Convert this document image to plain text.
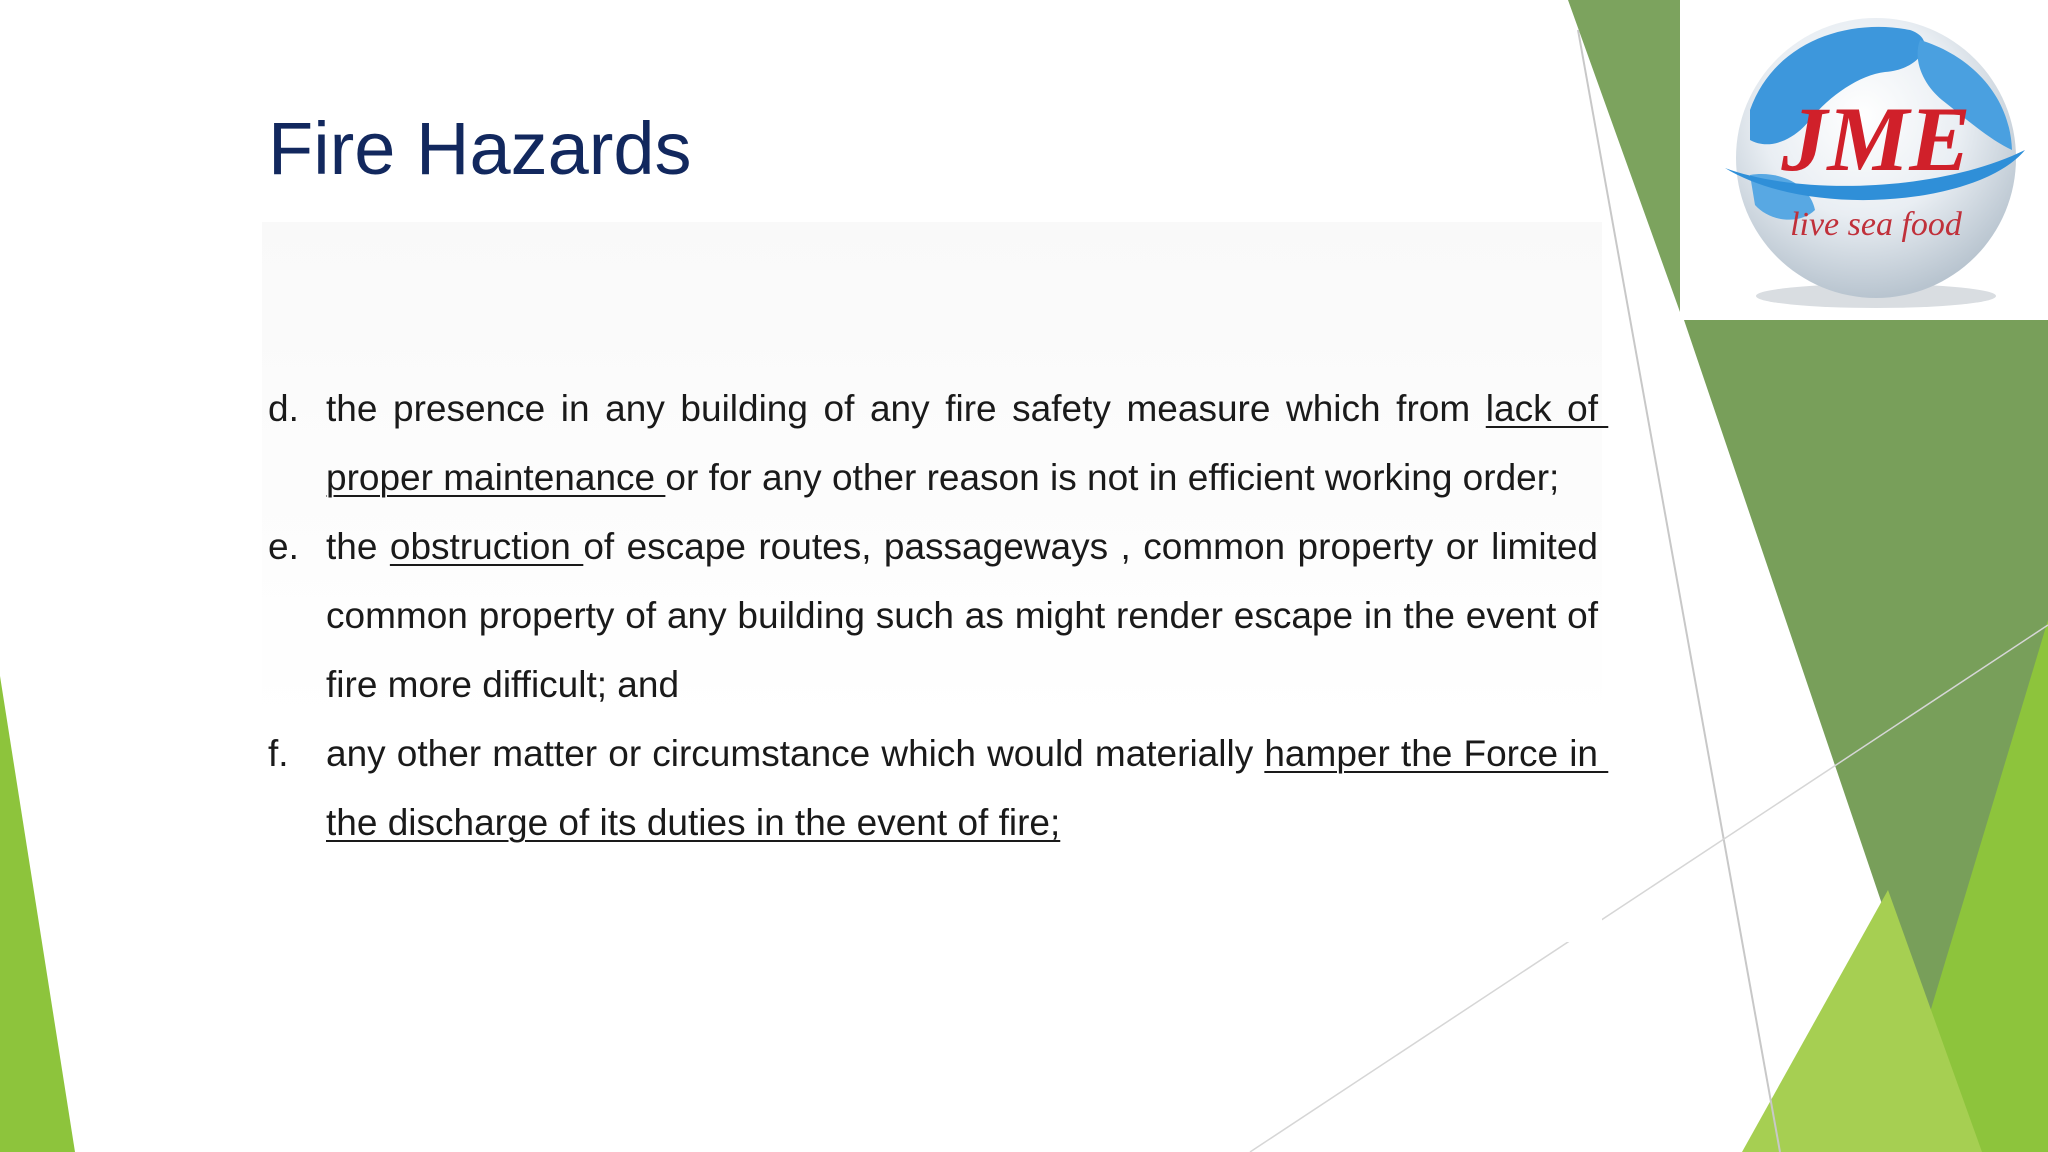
Fire Hazards
d. the presence in any building of any fire safety measure which from lack of proper maintenance or for any other reason is not in efficient working order;
e. the obstruction of escape routes, passageways , common property or limited common property of any building such as might render escape in the event of fire more difficult; and
f. any other matter or circumstance which would materially hamper the Force in the discharge of its duties in the event of fire;
JME
live sea food
